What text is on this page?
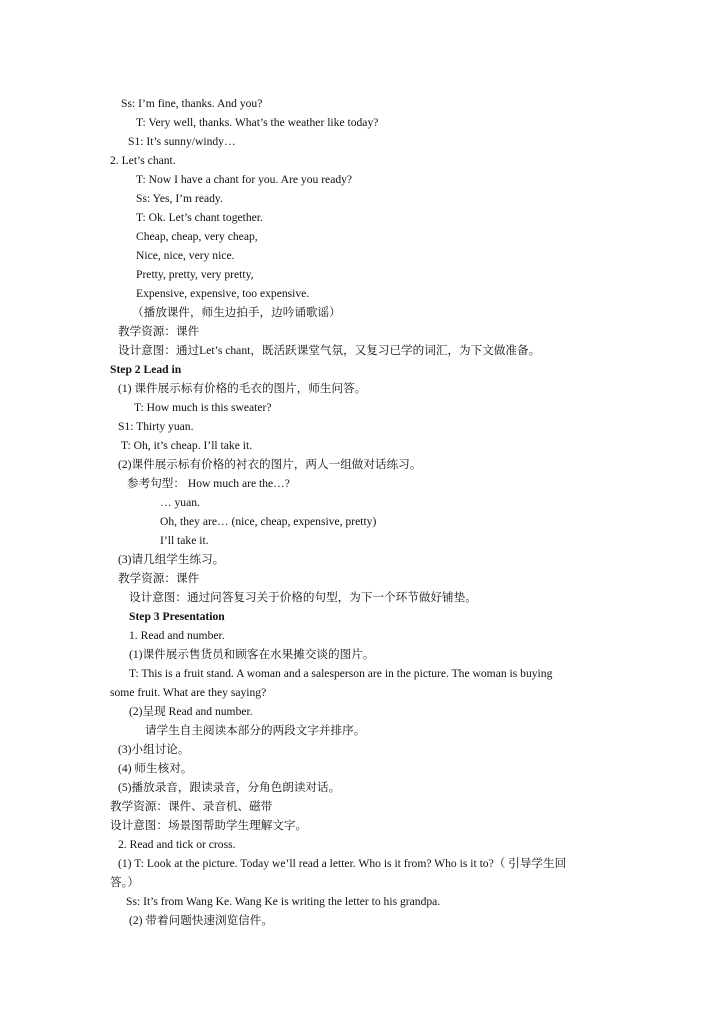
Ss: I’m fine, thanks. And you?
T: Very well, thanks. What’s the weather like today?
S1: It’s sunny/windy…
2. Let’s chant.
T: Now I have a chant for you. Are you ready?
Ss: Yes, I’m ready.
T: Ok. Let’s chant together.
Cheap, cheap, very cheap,
Nice, nice, very nice.
Pretty, pretty, very pretty,
Expensive, expensive, too expensive.
（播放课件，师生边拍手，边吟诵歌谣）
教学资源：课件
设计意图：通过Let’s chant，既活跃课堂气氛，又复习已学的词汇，为下文做准备。
Step 2 Lead in
(1) 课件展示标有价格的毛衣的图片，师生问答。
T: How much is this sweater?
S1: Thirty yuan.
T: Oh, it’s cheap. I’ll take it.
(2)课件展示标有价格的衬衣的图片，两人一组做对话练习。
参考句型： How much are the…?
… yuan.
Oh, they are… (nice, cheap, expensive, pretty)
I’ll take it.
(3)请几组学生练习。
教学资源：课件
设计意图：通过问答复习关于价格的句型，为下一个环节做好铺垫。
Step 3 Presentation
1. Read and number.
(1)课件展示售货员和顾客在水果摊交谈的图片。
T: This is a fruit stand. A woman and a salesperson are in the picture. The woman is buying
some fruit. What are they saying?
(2)呈现 Read and number.
请学生自主阅读本部分的两段文字并排序。
(3)小组讨论。
(4) 师生核对。
(5)播放录音，跟读录音，分角色朗读对话。
教学资源：课件、录音机、磁带
设计意图：场景图帮助学生理解文字。
2. Read and tick or cross.
(1) T: Look at the picture. Today we’ll read a letter. Who is it from? Who is it to?（ 引导学生回
答。）
Ss: It’s from Wang Ke. Wang Ke is writing the letter to his grandpa.
(2) 带着问题快速浏览信件。
